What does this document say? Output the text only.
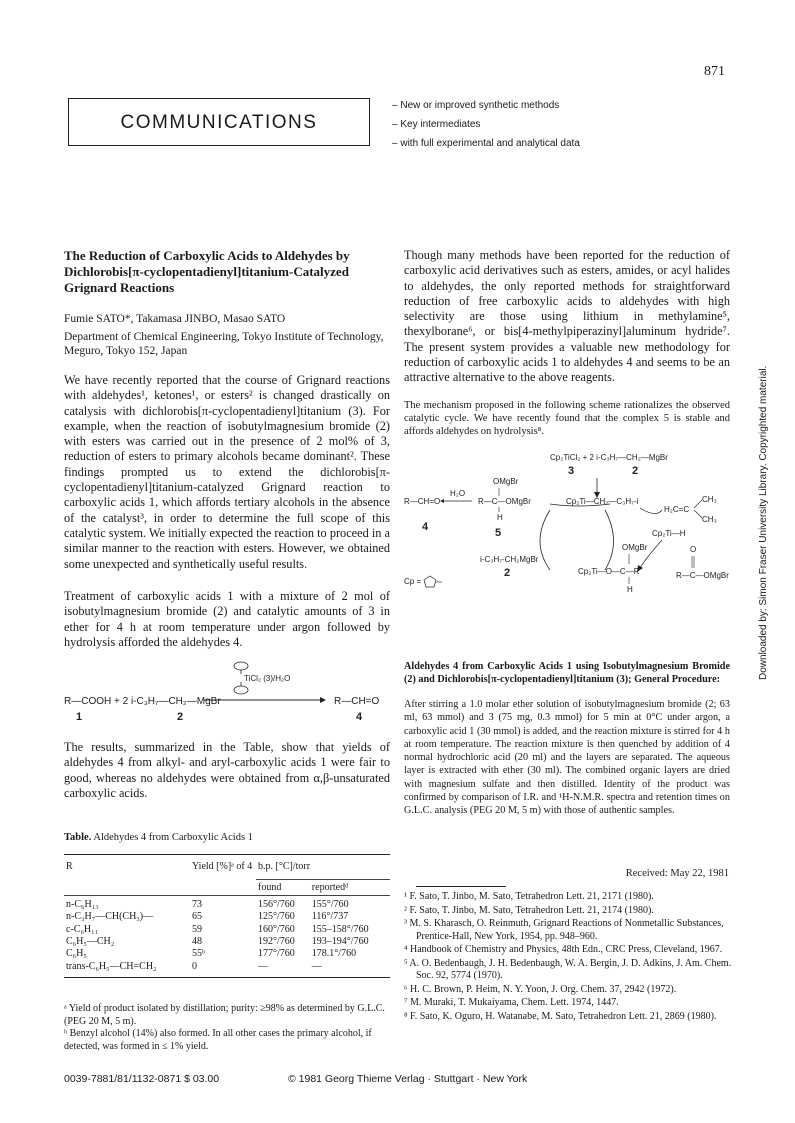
871
COMMUNICATIONS
– New or improved synthetic methods
– Key intermediates
– with full experimental and analytical data
The Reduction of Carboxylic Acids to Aldehydes by Dichlorobis[π-cyclopentadienyl]titanium-Catalyzed Grignard Reactions
Fumie SATO*, Takamasa JINBO, Masao SATO
Department of Chemical Engineering, Tokyo Institute of Technology, Meguro, Tokyo 152, Japan
We have recently reported that the course of Grignard reactions with aldehydes¹, ketones¹, or esters² is changed drastically on catalysis with dichlorobis[π-cyclopentadienyl]titanium (3). For example, when the reaction of isobutylmagnesium bromide (2) with esters was carried out in the presence of 2 mol% of 3, reduction of esters to primary alcohols became dominant². These findings prompted us to extend the dichlorobis[π-cyclopentadienyl]titanium-catalyzed Grignard reaction to carboxylic acids 1, which affords tertiary alcohols in the absence of the catalyst³, in order to determine the full scope of this catalytic system. We initially expected the reaction to proceed in a similar manner to the reaction with esters. However, we obtained some unexpected and synthetically useful results.
Treatment of carboxylic acids 1 with a mixture of 2 mol of isobutylmagnesium bromide (2) and catalytic amounts of 3 in ether for 4 h at room temperature under argon followed by hydrolysis afforded the aldehydes 4.
TiCl₂ (3)/H₂O
R—COOH + 2 i-C₃H₇—CH₂—MgBr	R—CH=O
1	2	4
The results, summarized in the Table, show that yields of aldehydes 4 from alkyl- and aryl-carboxylic acids 1 were fair to good, whereas no aldehydes were obtained from α,β-unsaturated carboxylic acids.
Table. Aldehydes 4 from Carboxylic Acids 1
R	Yield [%]ᵃ of 4	b.p. [°C]/torr	

		found	reportedᵈ
n-C₆H₁₃	73	156°/760	155°/760
n-C₃H₇—CH(CH₃)—	65	125°/760	116°/737
c-C₆H₁₁	59	160°/760	155–158°/760
C₆H₅—CH₂	48	192°/760	193–194°/760
C₆H₅	55ᵇ	177°/760	178.1°/760
trans-C₆H₅—CH=CH₂	0	—	—
ᵃ Yield of product isolated by distillation; purity: ≥98% as determined by G.L.C. (PEG 20 M, 5 m).
ᵇ Benzyl alcohol (14%) also formed. In all other cases the primary alcohol, if detected, was formed in ≤ 1% yield.
Though many methods have been reported for the reduction of carboxylic acid derivatives such as esters, amides, or acyl halides to aldehydes, the only reported methods for straightforward reduction of free carboxylic acids to aldehydes with high selectivity are those using lithium in methylamine⁵, thexylborane⁶, or bis[4-methylpiperazinyl]aluminum hydride⁷. The present system provides a valuable new methodology for reduction of carboxylic acids 1 to aldehydes 4 and seems to be an attractive alternative to the above reagents.
The mechanism proposed in the following scheme rationalizes the observed catalytic cycle. We have recently found that the complex 5 is stable and affords aldehydes on hydrolysis⁸.
Cp₂TiCl₂ + 2 i-C₃H₇—CH₂—MgBr
3	2
OMgBr
R—CH=O
H₂O
R—C—OMgBr
H
4	5
Cp₂Ti—CH₂—C₃H₇-i
H₂C=C
CH₃
CH₃
Cp₂Ti—H
OMgBr
i-C₃H₇-CH₂MgBr
2	Cp₂Ti—O—C—R
H
O
R—C—OMgBr
Cp =
Aldehydes 4 from Carboxylic Acids 1 using Isobutylmagnesium Bromide (2) and Dichlorobis[π-cyclopentadienyl]titanium (3); General Procedure:
After stirring a 1.0 molar ether solution of isobutylmagnesium bromide (2; 63 ml, 63 mmol) and 3 (75 mg, 0.3 mmol) for 5 min at 0°C under argon, a carboxylic acid 1 (30 mmol) is added, and the reaction mixture is stirred for 4 h at room temperature. The reaction mixture is then quenched by addition of 4 normal hydrochloric acid (20 ml) and the layers are separated. The aqueous layer is extracted with ether (30 ml). The combined organic layers are dried with magnesium sulfate and then distilled. Identity of the product was confirmed by comparison of I.R. and ¹H-N.M.R. spectra and retention times on G.L.C. analysis (PEG 20 M, 5 m) with those of authentic samples.
Received: May 22, 1981
¹ F. Sato, T. Jinbo, M. Sato, Tetrahedron Lett. 21, 2171 (1980).
² F. Sato, T. Jinbo, M. Sato, Tetrahedron Lett. 21, 2174 (1980).
³ M. S. Kharasch, O. Reinmuth, Grignard Reactions of Nonmetallic Substances, Prentice-Hall, New York, 1954, pp. 948–960.
⁴ Handbook of Chemistry and Physics, 48th Edn., CRC Press, Cleveland, 1967.
⁵ A. O. Bedenbaugh, J. H. Bedenbaugh, W. A. Bergin, J. D. Adkins, J. Am. Chem. Soc. 92, 5774 (1970).
⁶ H. C. Brown, P. Heim, N. Y. Yoon, J. Org. Chem. 37, 2942 (1972).
⁷ M. Muraki, T. Mukaiyama, Chem. Lett. 1974, 1447.
⁸ F. Sato, K. Oguro, H. Watanabe, M. Sato, Tetrahedron Lett. 21, 2869 (1980).
0039-7881/81/1132-0871 $ 03.00	© 1981 Georg Thieme Verlag · Stuttgart · New York
Downloaded by: Simon Fraser University Library. Copyrighted material.
